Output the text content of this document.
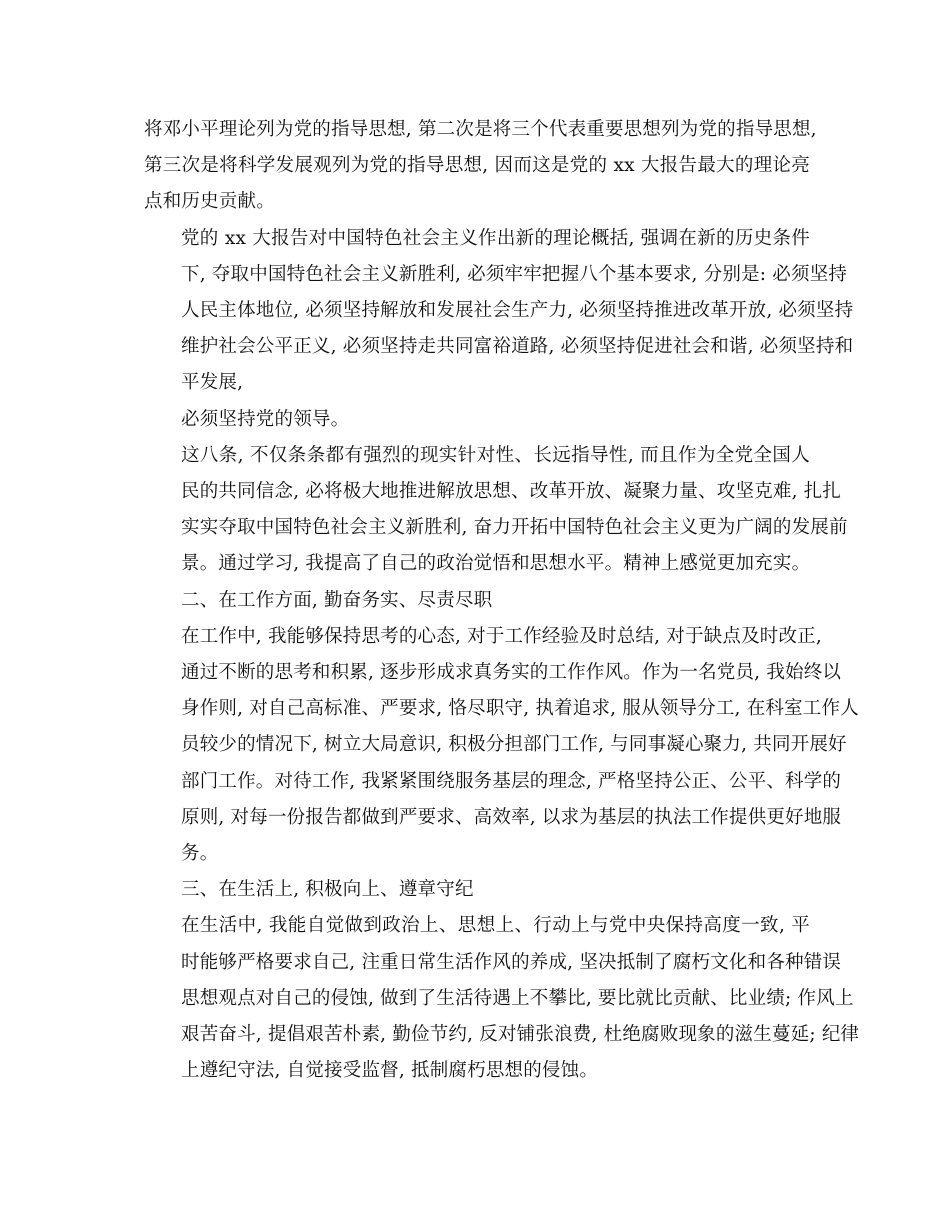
将邓小平理论列为党的指导思想, 第二次是将三个代表重要思想列为党的指导思想,
第三次是将科学发展观列为党的指导思想, 因而这是党的 xx 大报告最大的理论亮
点和历史贡献。

党的 xx 大报告对中国特色社会主义作出新的理论概括, 强调在新的历史条件
下, 夺取中国特色社会主义新胜利, 必须牢牢把握八个基本要求, 分别是: 必须坚持
人民主体地位, 必须坚持解放和发展社会生产力, 必须坚持推进改革开放, 必须坚持
维护社会公平正义, 必须坚持走共同富裕道路, 必须坚持促进社会和谐, 必须坚持和
平发展,

必须坚持党的领导。

这八条, 不仅条条都有强烈的现实针对性、长远指导性, 而且作为全党全国人
民的共同信念, 必将极大地推进解放思想、改革开放、凝聚力量、攻坚克难, 扎扎
实实夺取中国特色社会主义新胜利, 奋力开拓中国特色社会主义更为广阔的发展前
景。通过学习, 我提高了自己的政治觉悟和思想水平。精神上感觉更加充实。

二、在工作方面, 勤奋务实、尽责尽职

在工作中, 我能够保持思考的心态, 对于工作经验及时总结, 对于缺点及时改正,
通过不断的思考和积累, 逐步形成求真务实的工作作风。作为一名党员, 我始终以
身作则, 对自己高标准、严要求, 恪尽职守, 执着追求, 服从领导分工, 在科室工作人
员较少的情况下, 树立大局意识, 积极分担部门工作, 与同事凝心聚力, 共同开展好
部门工作。对待工作, 我紧紧围绕服务基层的理念, 严格坚持公正、公平、科学的
原则, 对每一份报告都做到严要求、高效率, 以求为基层的执法工作提供更好地服
务。

三、在生活上, 积极向上、遵章守纪

在生活中, 我能自觉做到政治上、思想上、行动上与党中央保持高度一致, 平
时能够严格要求自己, 注重日常生活作风的养成, 坚决抵制了腐朽文化和各种错误
思想观点对自己的侵蚀, 做到了生活待遇上不攀比, 要比就比贡献、比业绩; 作风上
艰苦奋斗, 提倡艰苦朴素, 勤俭节约, 反对铺张浪费, 杜绝腐败现象的滋生蔓延; 纪律
上遵纪守法, 自觉接受监督, 抵制腐朽思想的侵蚀。
